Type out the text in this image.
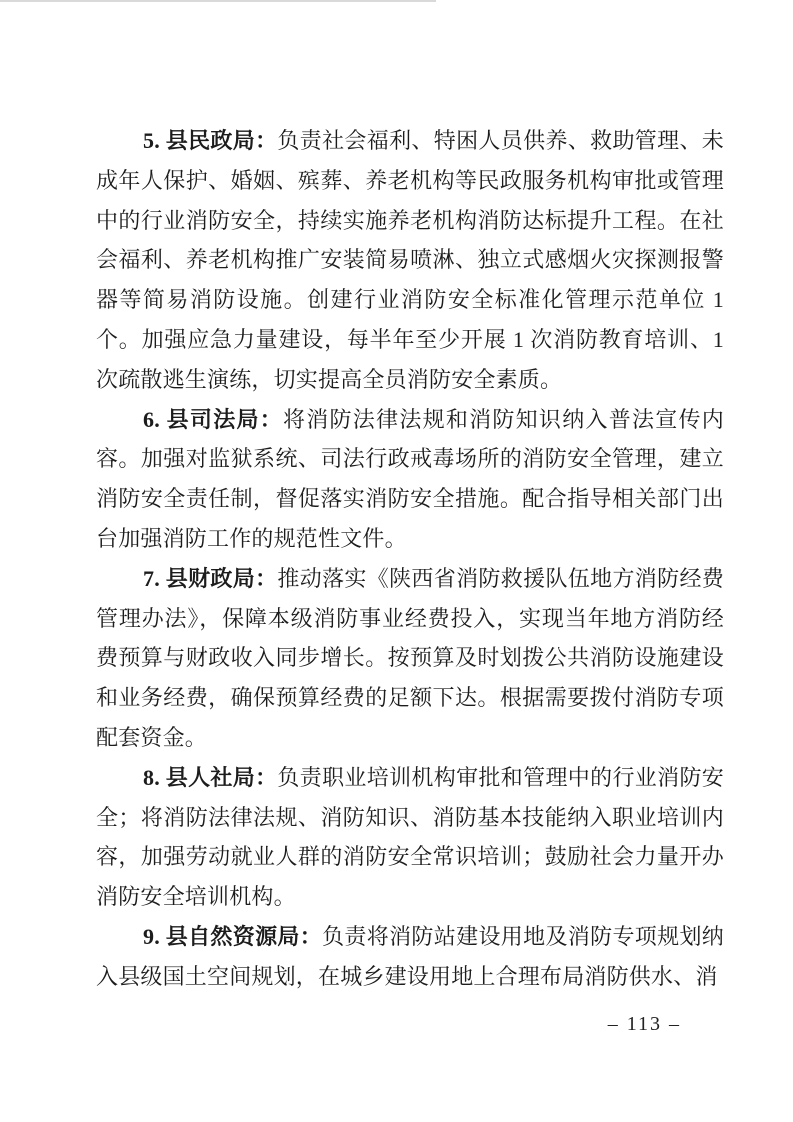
5. 县民政局：负责社会福利、特困人员供养、救助管理、未成年人保护、婚姻、殡葬、养老机构等民政服务机构审批或管理中的行业消防安全，持续实施养老机构消防达标提升工程。在社会福利、养老机构推广安装简易喷淋、独立式感烟火灾探测报警器等简易消防设施。创建行业消防安全标准化管理示范单位 1 个。加强应急力量建设，每半年至少开展 1 次消防教育培训、1 次疏散逃生演练，切实提高全员消防安全素质。

6. 县司法局：将消防法律法规和消防知识纳入普法宣传内容。加强对监狱系统、司法行政戒毒场所的消防安全管理，建立消防安全责任制，督促落实消防安全措施。配合指导相关部门出台加强消防工作的规范性文件。

7. 县财政局：推动落实《陕西省消防救援队伍地方消防经费管理办法》，保障本级消防事业经费投入，实现当年地方消防经费预算与财政收入同步增长。按预算及时划拨公共消防设施建设和业务经费，确保预算经费的足额下达。根据需要拨付消防专项配套资金。

8. 县人社局：负责职业培训机构审批和管理中的行业消防安全；将消防法律法规、消防知识、消防基本技能纳入职业培训内容，加强劳动就业人群的消防安全常识培训；鼓励社会力量开办消防安全培训机构。

9. 县自然资源局：负责将消防站建设用地及消防专项规划纳入县级国土空间规划，在城乡建设用地上合理布局消防供水、消

– 113 –
